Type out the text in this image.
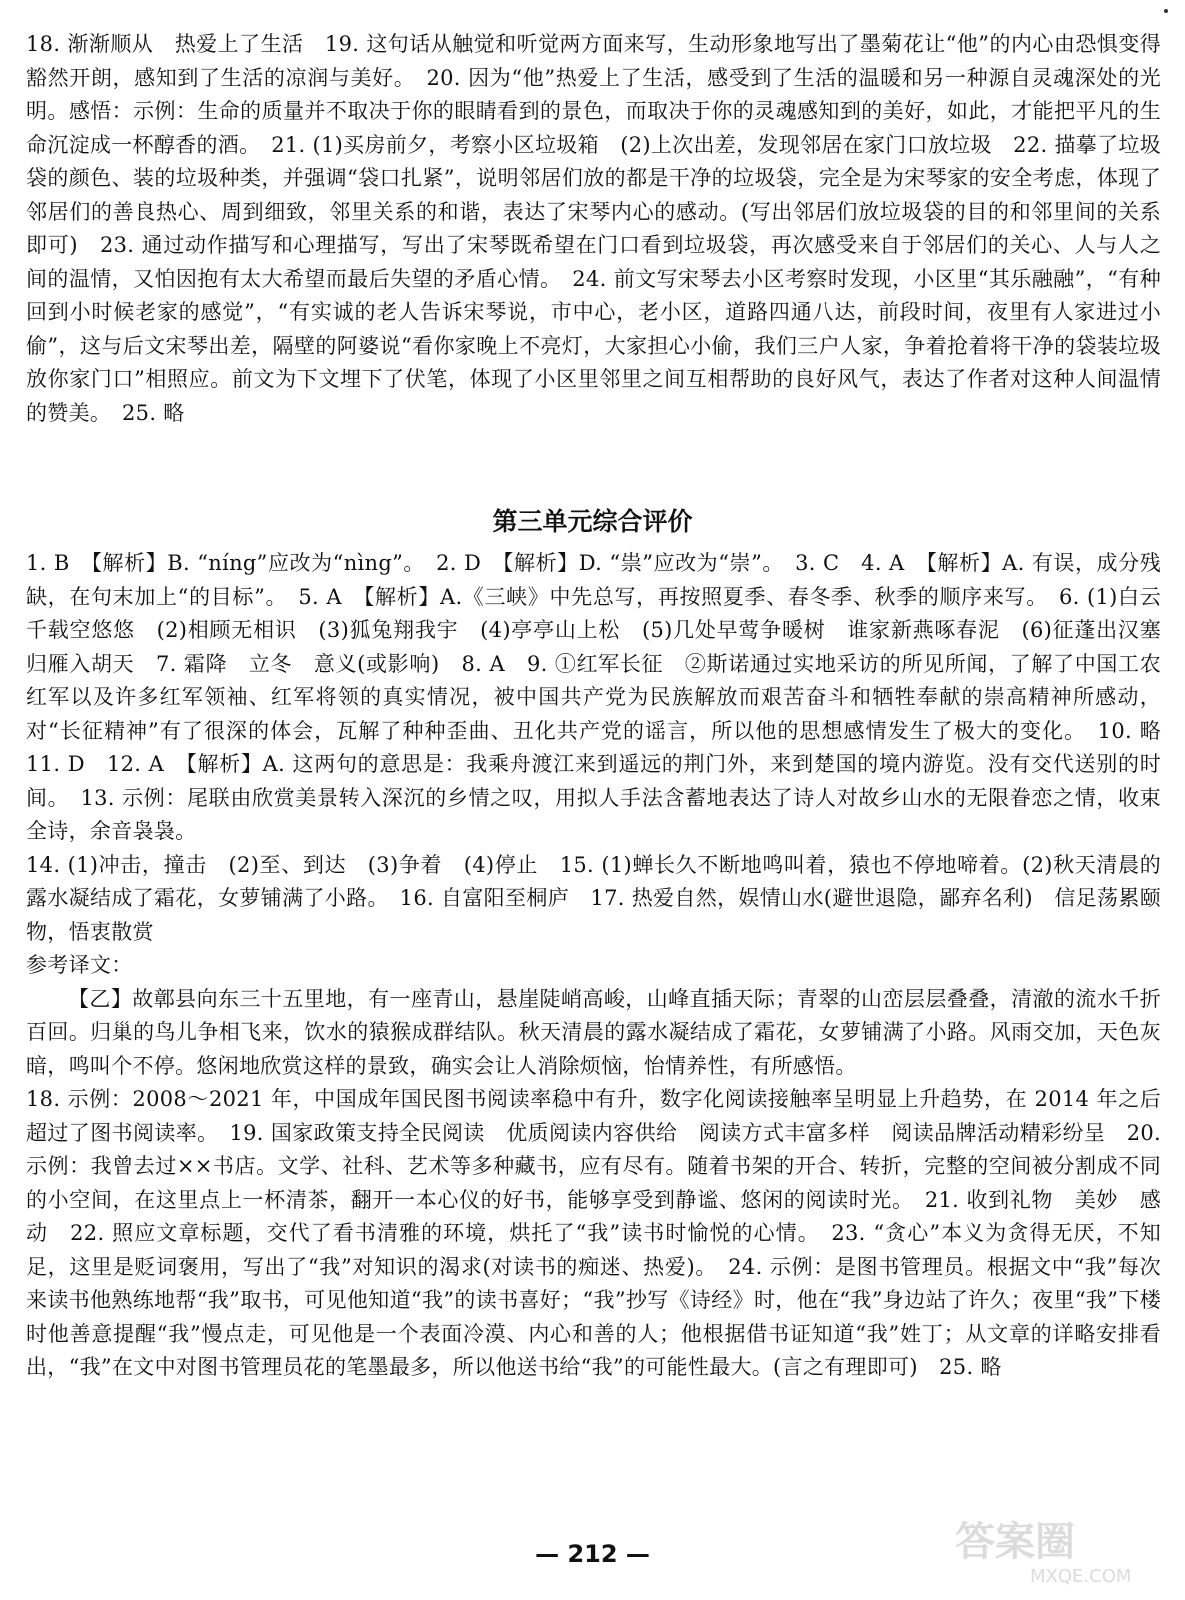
18. 渐渐顺从　热爱上了生活　19. 这句话从触觉和听觉两方面来写，生动形象地写出了墨菊花让“他”的内心由恐惧变得豁然开朗，感知到了生活的凉润与美好。　20. 因为“他”热爱上了生活，感受到了生活的温暖和另一种源自灵魂深处的光明。感悟：示例：生命的质量并不取决于你的眼睛看到的景色，而取决于你的灵魂感知到的美好，如此，才能把平凡的生命沉淀成一杯醇香的酒。　21. (1)买房前夕，考察小区垃圾箱　(2)上次出差，发现邻居在家门口放垃圾　22. 描摹了垃圾袋的颜色、装的垃圾种类，并强调“袋口扎紧”，说明邻居们放的都是干净的垃圾袋，完全是为宋琴家的安全考虑，体现了邻居们的善良热心、周到细致，邻里关系的和谐，表达了宋琴内心的感动。(写出邻居们放垃圾袋的目的和邻里间的关系即可)　23. 通过动作描写和心理描写，写出了宋琴既希望在门口看到垃圾袋，再次感受来自于邻居们的关心、人与人之间的温情，又怕因抱有太大希望而最后失望的矛盾心情。　24. 前文写宋琴去小区考察时发现，小区里“其乐融融”，“有种回到小时候老家的感觉”，“有实诚的老人告诉宋琴说，市中心，老小区，道路四通八达，前段时间，夜里有人家进过小偷”，这与后文宋琴出差，隔壁的阿婆说“看你家晚上不亮灯，大家担心小偷，我们三户人家，争着抢着将干净的袋装垃圾放你家门口”相照应。前文为下文埋下了伏笔，体现了小区里邻里之间互相帮助的良好风气，表达了作者对这种人间温情的赞美。　25. 略
第三单元综合评价
1. B　【解析】B. “níng”应改为“nìng”。　2. D　【解析】D. “祟”应改为“崇”。　3. C　4. A　【解析】A. 有误，成分残缺，在句末加上“的目标”。　5. A　【解析】A.《三峡》中先总写，再按照夏季、春冬季、秋季的顺序来写。　6. (1)白云千载空悠悠　(2)相顾无相识　(3)狐兔翔我宇　(4)亭亭山上松　(5)几处早莺争暖树　谁家新燕啄春泥　(6)征蓬出汉塞　归雁入胡天　7. 霜降　立冬　意义(或影响)　8. A　9. ①红军长征　②斯诺通过实地采访的所见所闻，了解了中国工农红军以及许多红军领袖、红军将领的真实情况，被中国共产党为民族解放而艰苦奋斗和牺牲奉献的崇高精神所感动，对“长征精神”有了很深的体会，瓦解了种种歪曲、丑化共产党的谣言，所以他的思想感情发生了极大的变化。　10. 略　11. D　12. A　【解析】A. 这两句的意思是：我乘舟渡江来到遥远的荆门外，来到楚国的境内游览。没有交代送别的时间。　13. 示例：尾联由欣赏美景转入深沉的乡情之叹，用拟人手法含蓄地表达了诗人对故乡山水的无限眷恋之情，收束全诗，余音袅袅。
14. (1)冲击，撞击　(2)至、到达　(3)争着　(4)停止　15. (1)蝉长久不断地鸣叫着，猿也不停地啼着。(2)秋天清晨的露水凝结成了霜花，女萝铺满了小路。　16. 自富阳至桐庐　17. 热爱自然，娱情山水(避世退隐，鄙弃名利)　信足荡累颐物，悟衷散赏
参考译文：
【乙】故鄣县向东三十五里地，有一座青山，悬崖陡峭高峻，山峰直插天际；青翠的山峦层层叠叠，清澈的流水千折百回。归巢的鸟儿争相飞来，饮水的猿猴成群结队。秋天清晨的露水凝结成了霜花，女萝铺满了小路。风雨交加，天色灰暗，鸣叫个不停。悠闲地欣赏这样的景致，确实会让人消除烦恼，怡情养性，有所感悟。
18. 示例：2008～2021 年，中国成年国民图书阅读率稳中有升，数字化阅读接触率呈明显上升趋势，在 2014 年之后超过了图书阅读率。　19. 国家政策支持全民阅读　优质阅读内容供给　阅读方式丰富多样　阅读品牌活动精彩纷呈　20. 示例：我曾去过××书店。文学、社科、艺术等多种藏书，应有尽有。随着书架的开合、转折，完整的空间被分割成不同的小空间，在这里点上一杯清茶，翻开一本心仪的好书，能够享受到静谧、悠闲的阅读时光。　21. 收到礼物　美妙　感动　22. 照应文章标题，交代了看书清雅的环境，烘托了“我”读书时愉悦的心情。　23. “贪心”本义为贪得无厌，不知足，这里是贬词褒用，写出了“我”对知识的渴求(对读书的痴迷、热爱)。　24. 示例：是图书管理员。根据文中“我”每次来读书他熟练地帮“我”取书，可见他知道“我”的读书喜好；“我”抄写《诗经》时，他在“我”身边站了许久；夜里“我”下楼时他善意提醒“我”慢点走，可见他是一个表面冷漠、内心和善的人；他根据借书证知道“我”姓丁；从文章的详略安排看出，“我”在文中对图书管理员花的笔墨最多，所以他送书给“我”的可能性最大。(言之有理即可)　25. 略
— 212 —	答案圈
MXQE.COM
